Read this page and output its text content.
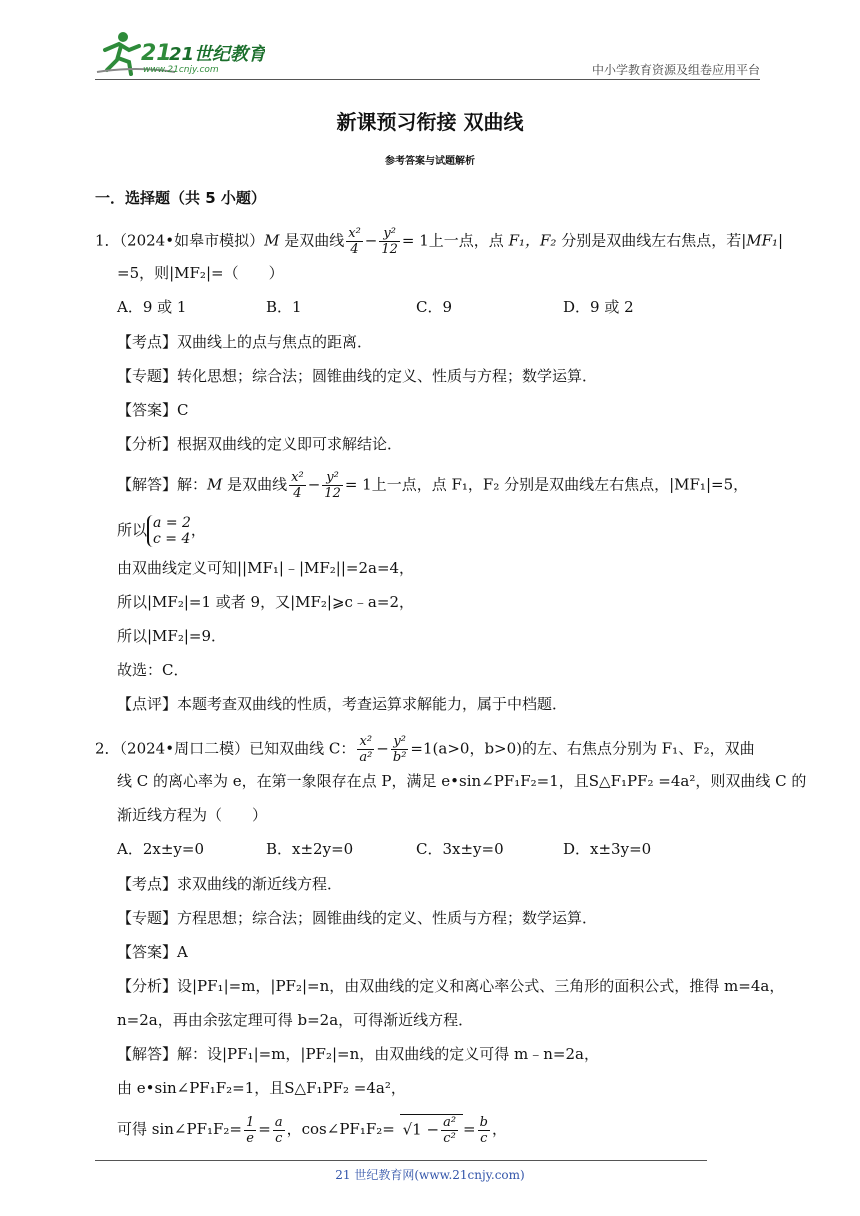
21
21世纪教育
www.21cnjy.com	中小学教育资源及组卷应用平台
新课预习衔接 双曲线
参考答案与试题解析
一．选择题（共 5 小题）
1．（2024•如皋市模拟）M 是双曲线 $\frac{\text{x²}}{4} - \frac{\text{y²}}{12} = 1$上一点，点 F₁，F₂ 分别是双曲线左右焦点，若|MF₁|
=5，则|MF₂|=（　　）
A．9 或 1	B．1	C．9	D．9 或 2
【考点】双曲线上的点与焦点的距离．
【专题】转化思想；综合法；圆锥曲线的定义、性质与方程；数学运算．
【答案】C
【分析】根据双曲线的定义即可求解结论．
【解答】解：M 是双曲线 $\frac{\text{x²}}{4} - \frac{\text{y²}}{12} = 1$上一点，点 F₁，F₂ 分别是双曲线左右焦点，|MF₁|=5，
所以 a = 2
c = 4 ，
由双曲线定义可知||MF₁|﹣|MF₂||=2a=4，
所以|MF₂|=1 或者 9，又|MF₂|⩾c﹣a=2，
所以|MF₂|=9．
故选：C．
【点评】本题考查双曲线的性质，考查运算求解能力，属于中档题．
2．（2024•周口二模）已知双曲线 C： $\frac{\text{x²}}{\text{a²}} - \frac{\text{y²}}{\text{b²}} =1(a>0$，b>0)的左、右焦点分别为 F₁、F₂，双曲
线 C 的离心率为 e，在第一象限存在点 P，满足 e•sin∠PF₁F₂=1，且S△F₁PF₂ =4a²，则双曲线 C 的
渐近线方程为（　　）
A．2x±y=0	B．x±2y=0	C．3x±y=0	D．x±3y=0
【考点】求双曲线的渐近线方程．
【专题】方程思想；综合法；圆锥曲线的定义、性质与方程；数学运算．
【答案】A
【分析】设|PF₁|=m，|PF₂|=n，由双曲线的定义和离心率公式、三角形的面积公式，推得 m=4a，
n=2a，再由余弦定理可得 b=2a，可得渐近线方程．
【解答】解：设|PF₁|=m，|PF₂|=n，由双曲线的定义可得 m﹣n=2a，
由 e•sin∠PF₁F₂=1，且S△F₁PF₂ =4a²，
可得 sin∠PF₁F₂= $\frac{1}{e} = \frac{a}{c}$ ，cos∠PF₁F₂= $√1 - \frac{\text{a²}}{\text{c²}} = \frac{b}{c}$ ，
21 世纪教育网(www.21cnjy.com)
